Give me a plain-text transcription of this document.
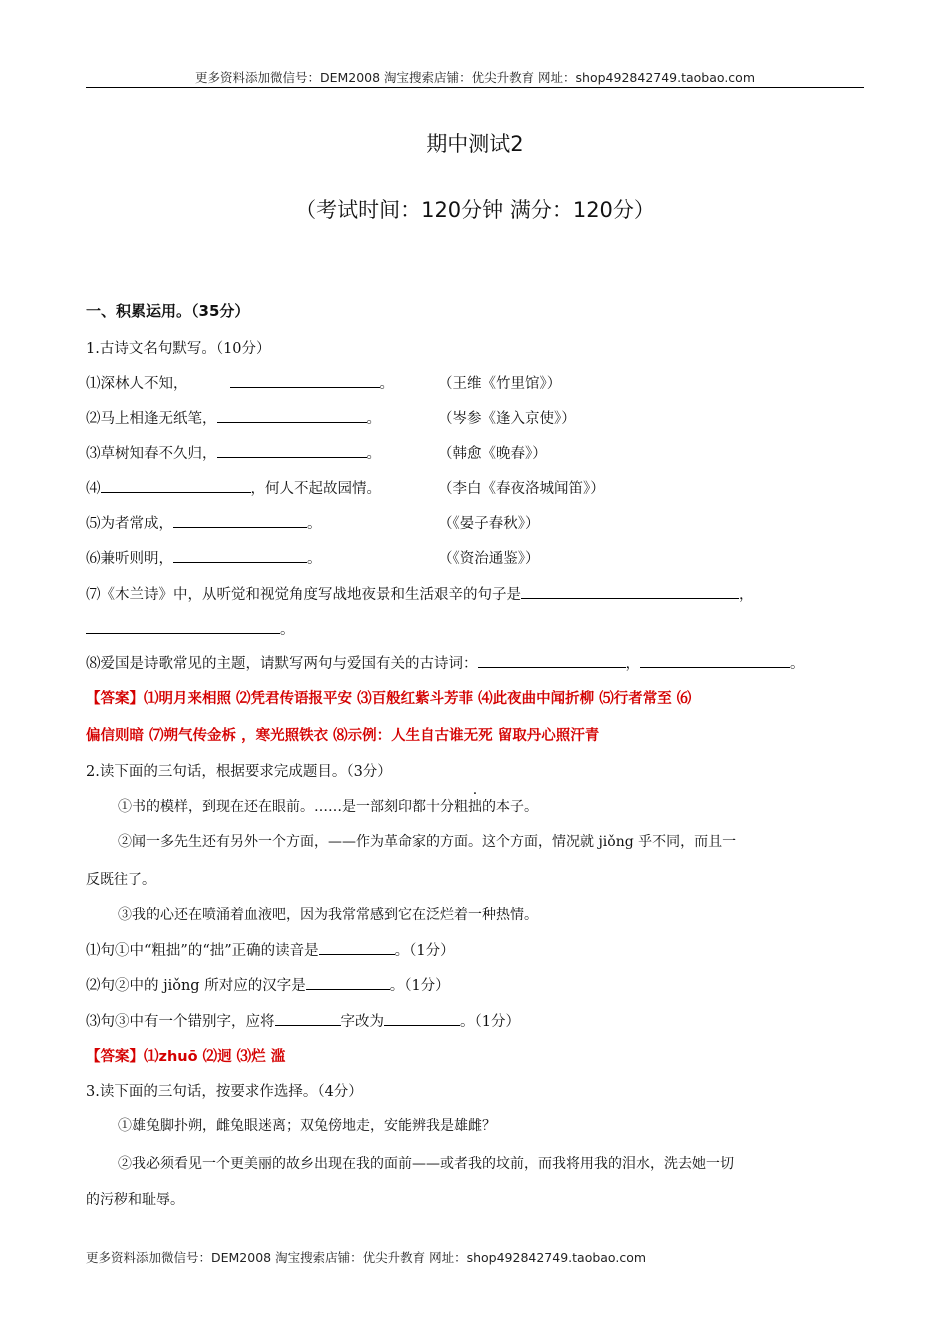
更多资料添加微信号：DEM2008 淘宝搜索店铺：优尖升教育 网址：shop492842749.taobao.com
期中测试2
（考试时间：120分钟 满分：120分）
一、积累运用。（35分）
1.古诗文名句默写。（10分）
⑴深林人不知，	。	（王维《竹里馆》）
⑵马上相逢无纸笔，	。	（岑参《逢入京使》）
⑶草树知春不久归，	。	（韩愈《晚春》）
⑷	，何人不起故园情。	（李白《春夜洛城闻笛》）
⑸为者常成，	。	（《晏子春秋》）
⑹兼听则明，	。	（《资治通鉴》）
⑺《木兰诗》中，从听觉和视觉角度写战地夜景和生活艰辛的句子是	，
。
⑻爱国是诗歌常见的主题，请默写两句与爱国有关的古诗词：	，	。
【答案】⑴明月来相照 ⑵凭君传语报平安 ⑶百般红紫斗芳菲 ⑷此夜曲中闻折柳 ⑸行者常至 ⑹
偏信则暗 ⑺朔气传金柝 ，寒光照铁衣 ⑻示例：人生自古谁无死 留取丹心照汗青
2.读下面的三句话，根据要求完成题目。（3分）
①书的模样，到现在还在眼前。……是一部刻印都十分粗拙的本子。
②闻一多先生还有另外一个方面，——作为革命家的方面。这个方面，情况就 jiǒng 乎不同，而且一
反既往了。
③我的心还在喷涌着血液吧，因为我常常感到它在泛烂着一种热情。
⑴句①中“粗拙”的“拙”正确的读音是	。（1分）
⑵句②中的 jiǒng 所对应的汉字是	。（1分）
⑶句③中有一个错别字，应将	字改为	。（1分）
【答案】⑴zhuō ⑵迥 ⑶烂 滥
3.读下面的三句话，按要求作选择。（4分）
①雄兔脚扑朔，雌兔眼迷离；双兔傍地走，安能辨我是雄雌？
②我必须看见一个更美丽的故乡出现在我的面前——或者我的坟前，而我将用我的泪水，洗去她一切
的污秽和耻辱。
更多资料添加微信号：DEM2008 淘宝搜索店铺：优尖升教育 网址：shop492842749.taobao.com
